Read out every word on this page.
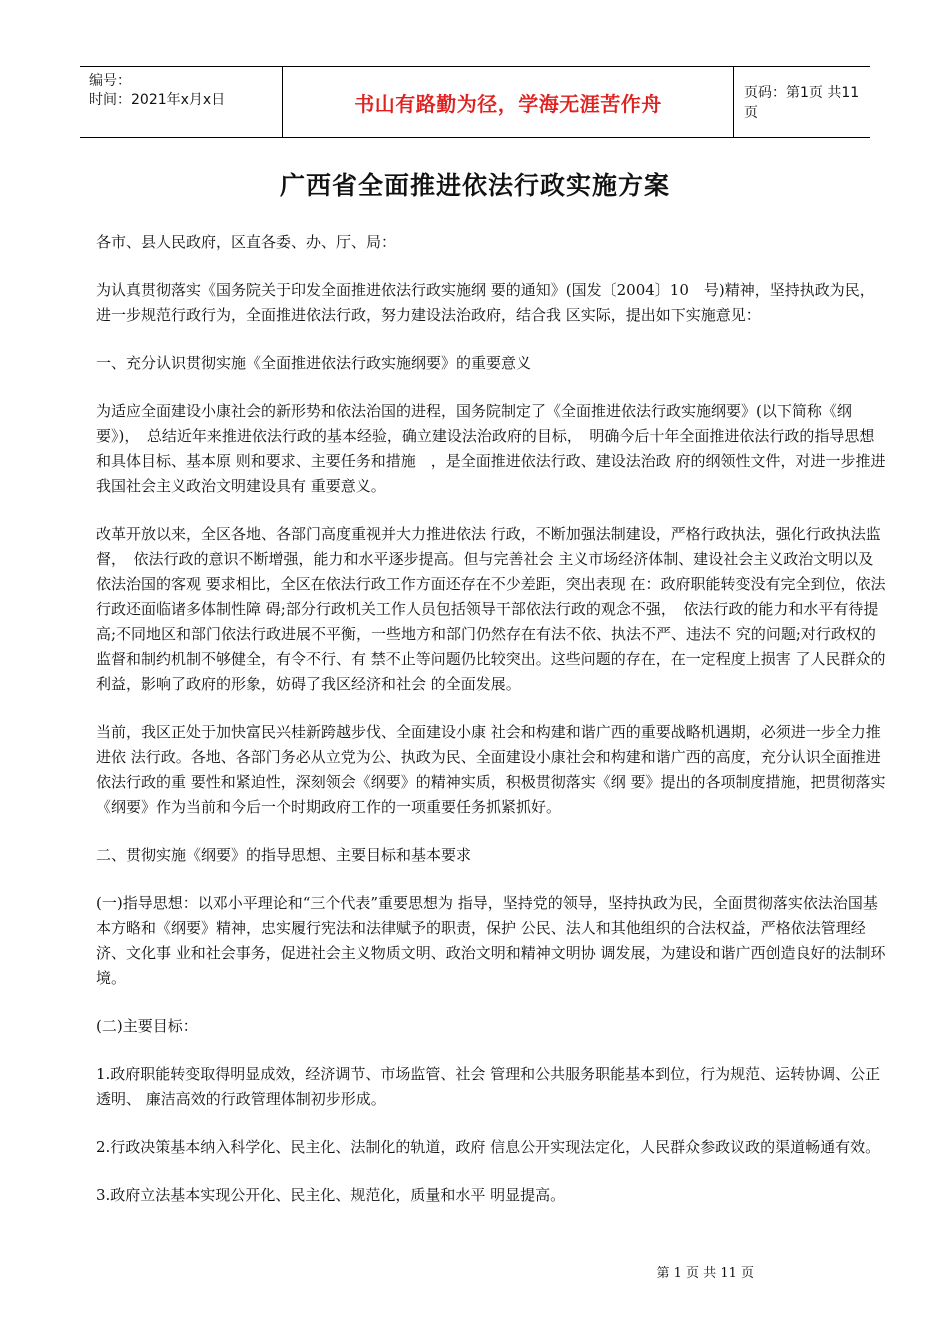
编号：
时间：2021年x月x日	书山有路勤为径，学海无涯苦作舟	页码：第1页 共11页
广西省全面推进依法行政实施方案

各市、县人民政府，区直各委、办、厅、局：

为认真贯彻落实《国务院关于印发全面推进依法行政实施纲 要的通知》(国发〔2004〕10　号)精神，坚持执政为民，进一步规范行政行为，全面推进依法行政，努力建设法治政府，结合我 区实际，提出如下实施意见：

一、充分认识贯彻实施《全面推进依法行政实施纲要》的重要意义

为适应全面建设小康社会的新形势和依法治国的进程，国务院制定了《全面推进依法行政实施纲要》(以下简称《纲要》)，　总结近年来推进依法行政的基本经验，确立建设法治政府的目标，　明确今后十年全面推进依法行政的指导思想和具体目标、基本原 则和要求、主要任务和措施　，是全面推进依法行政、建设法治政 府的纲领性文件，对进一步推进我国社会主义政治文明建设具有 重要意义。

改革开放以来，全区各地、各部门高度重视并大力推进依法 行政，不断加强法制建设，严格行政执法，强化行政执法监督，　依法行政的意识不断增强，能力和水平逐步提高。但与完善社会 主义市场经济体制、建设社会主义政治文明以及依法治国的客观 要求相比，全区在依法行政工作方面还存在不少差距，突出表现 在：政府职能转变没有完全到位，依法行政还面临诸多体制性障 碍;部分行政机关工作人员包括领导干部依法行政的观念不强，　依法行政的能力和水平有待提高;不同地区和部门依法行政进展不平衡，一些地方和部门仍然存在有法不依、执法不严、违法不 究的问题;对行政权的监督和制约机制不够健全，有令不行、有 禁不止等问题仍比较突出。这些问题的存在，在一定程度上损害 了人民群众的利益，影响了政府的形象，妨碍了我区经济和社会 的全面发展。

当前，我区正处于加快富民兴桂新跨越步伐、全面建设小康 社会和构建和谐广西的重要战略机遇期，必须进一步全力推进依 法行政。各地、各部门务必从立党为公、执政为民、全面建设小康社会和构建和谐广西的高度，充分认识全面推进依法行政的重 要性和紧迫性，深刻领会《纲要》的精神实质，积极贯彻落实《纲 要》提出的各项制度措施，把贯彻落实《纲要》作为当前和今后一个时期政府工作的一项重要任务抓紧抓好。

二、贯彻实施《纲要》的指导思想、主要目标和基本要求

(一)指导思想：以邓小平理论和“三个代表”重要思想为 指导，坚持党的领导，坚持执政为民，全面贯彻落实依法治国基 本方略和《纲要》精神，忠实履行宪法和法律赋予的职责，保护 公民、法人和其他组织的合法权益，严格依法管理经济、文化事 业和社会事务，促进社会主义物质文明、政治文明和精神文明协 调发展，为建设和谐广西创造良好的法制环境。

(二)主要目标：

1.政府职能转变取得明显成效，经济调节、市场监管、社会 管理和公共服务职能基本到位，行为规范、运转协调、公正透明、 廉洁高效的行政管理体制初步形成。

2.行政决策基本纳入科学化、民主化、法制化的轨道，政府 信息公开实现法定化，人民群众参政议政的渠道畅通有效。

3.政府立法基本实现公开化、民主化、规范化，质量和水平 明显提高。

第 1 页 共 11 页
